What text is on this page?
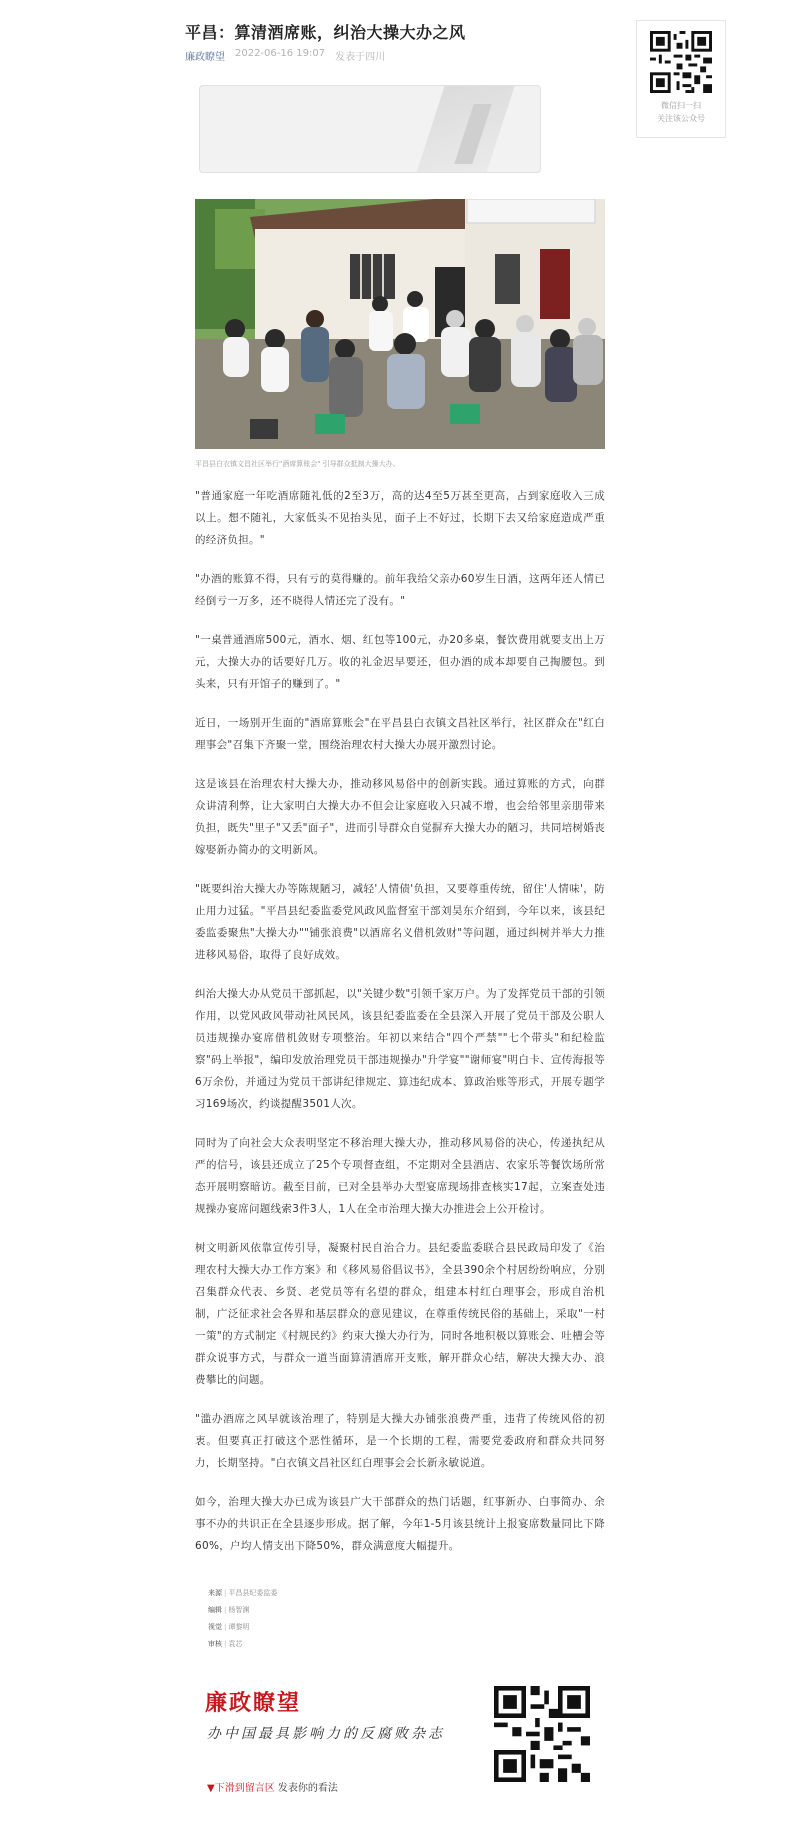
平昌：算清酒席账，纠治大操大办之风
廉政瞭望 2022-06-16 19:07 发表于四川
微信扫一扫
关注该公众号
平昌县白衣镇文昌社区举行"酒席算账会" 引导群众抵制大操大办。

"普通家庭一年吃酒席随礼低的2至3万，高的达4至5万甚至更高，占到家庭收入三成以上。想不随礼，大家低头不见抬头见，面子上不好过，长期下去又给家庭造成严重的经济负担。"

"办酒的账算不得，只有亏的莫得赚的。前年我给父亲办60岁生日酒，这两年还人情已经倒亏一万多，还不晓得人情还完了没有。"

"一桌普通酒席500元，酒水、烟、红包等100元，办20多桌，餐饮费用就要支出上万元，大操大办的话要好几万。收的礼金迟早要还，但办酒的成本却要自己掏腰包。到头来，只有开馆子的赚到了。"

近日，一场别开生面的"酒席算账会"在平昌县白衣镇文昌社区举行，社区群众在"红白理事会"召集下齐聚一堂，围绕治理农村大操大办展开激烈讨论。

这是该县在治理农村大操大办，推动移风易俗中的创新实践。通过算账的方式，向群众讲清利弊，让大家明白大操大办不但会让家庭收入只减不增，也会给邻里亲朋带来负担，既失"里子"又丢"面子"，进而引导群众自觉摒弃大操大办的陋习，共同培树婚丧嫁娶新办简办的文明新风。

"既要纠治大操大办等陈规陋习，减轻'人情债'负担，又要尊重传统，留住'人情味'，防止用力过猛。"平昌县纪委监委党风政风监督室干部刘昊东介绍到，今年以来，该县纪委监委聚焦"大操大办""铺张浪费"以酒席名义借机敛财"等问题，通过纠树并举大力推进移风易俗，取得了良好成效。

纠治大操大办从党员干部抓起，以"关键少数"引领千家万户。为了发挥党员干部的引领作用，以党风政风带动社风民风，该县纪委监委在全县深入开展了党员干部及公职人员违规操办宴席借机敛财专项整治。年初以来结合"四个严禁""七个带头"和纪检监察"码上举报"，编印发放治理党员干部违规操办"升学宴""谢师宴"明白卡、宣传海报等6万余份，并通过为党员干部讲纪律规定、算违纪成本、算政治账等形式，开展专题学习169场次，约谈提醒3501人次。

同时为了向社会大众表明坚定不移治理大操大办，推动移风易俗的决心，传递执纪从严的信号，该县还成立了25个专项督查组，不定期对全县酒店、农家乐等餐饮场所常态开展明察暗访。截至目前，已对全县举办大型宴席现场排查核实17起，立案查处违规操办宴席问题线索3件3人，1人在全市治理大操大办推进会上公开检讨。

树文明新风依靠宣传引导，凝聚村民自治合力。县纪委监委联合县民政局印发了《治理农村大操大办工作方案》和《移风易俗倡议书》，全县390余个村居纷纷响应，分别召集群众代表、乡贤、老党员等有名望的群众，组建本村红白理事会，形成自治机制，广泛征求社会各界和基层群众的意见建议，在尊重传统民俗的基础上，采取"一村一策"的方式制定《村规民约》约束大操大办行为，同时各地积极以算账会、吐槽会等群众说事方式，与群众一道当面算清酒席开支账，解开群众心结，解决大操大办、浪费攀比的问题。

"滥办酒席之风早就该治理了，特别是大操大办铺张浪费严重，违背了传统风俗的初衷。但要真正打破这个恶性循环，是一个长期的工程，需要党委政府和群众共同努力，长期坚持。"白衣镇文昌社区红白理事会会长新永敏说道。

如今，治理大操大办已成为该县广大干部群众的热门话题，红事新办、白事简办、余事不办的共识正在全县逐步形成。据了解，今年1-5月该县统计上报宴席数量同比下降60%，户均人情支出下降50%，群众满意度大幅提升。

来源 | 平昌县纪委监委
编辑 | 杨智渊
视觉 | 谭黎明
审核 | 袁芯
廉政瞭望
办中国最具影响力的反腐败杂志
▼下滑到留言区 发表你的看法
